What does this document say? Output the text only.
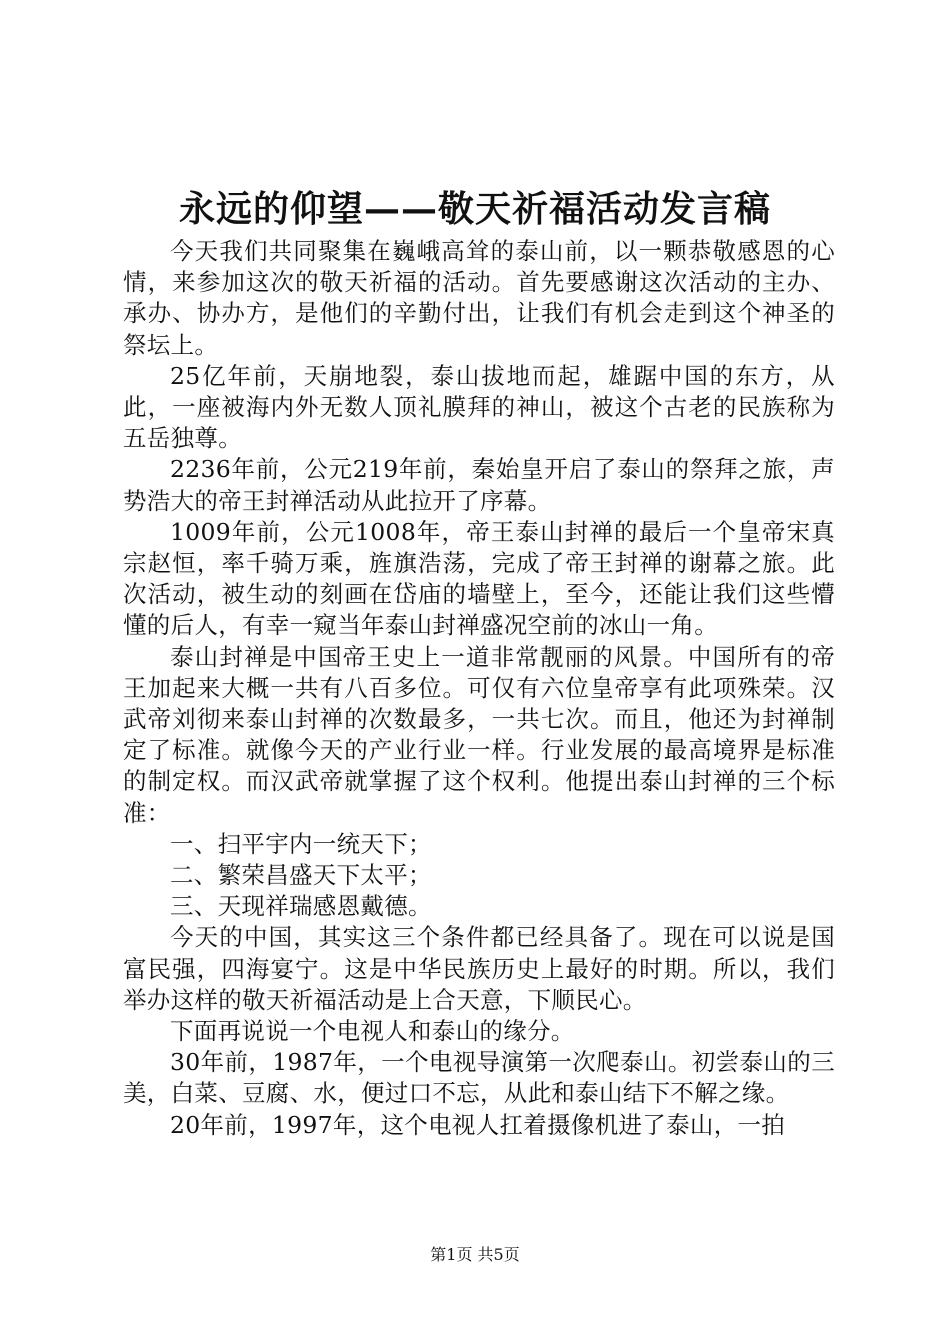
永远的仰望——敬天祈福活动发言稿

今天我们共同聚集在巍峨高耸的泰山前，以一颗恭敬感恩的心情，来参加这次的敬天祈福的活动。首先要感谢这次活动的主办、承办、协办方，是他们的辛勤付出，让我们有机会走到这个神圣的祭坛上。

25亿年前，天崩地裂，泰山拔地而起，雄踞中国的东方，从此，一座被海内外无数人顶礼膜拜的神山，被这个古老的民族称为五岳独尊。

2236年前，公元219年前，秦始皇开启了泰山的祭拜之旅，声势浩大的帝王封禅活动从此拉开了序幕。

1009年前，公元1008年，帝王泰山封禅的最后一个皇帝宋真宗赵恒，率千骑万乘，旌旗浩荡，完成了帝王封禅的谢幕之旅。此次活动，被生动的刻画在岱庙的墙壁上，至今，还能让我们这些懵懂的后人，有幸一窥当年泰山封禅盛况空前的冰山一角。

泰山封禅是中国帝王史上一道非常靓丽的风景。中国所有的帝王加起来大概一共有八百多位。可仅有六位皇帝享有此项殊荣。汉武帝刘彻来泰山封禅的次数最多，一共七次。而且，他还为封禅制定了标准。就像今天的产业行业一样。行业发展的最高境界是标准的制定权。而汉武帝就掌握了这个权利。他提出泰山封禅的三个标准：

一、扫平宇内一统天下；

二、繁荣昌盛天下太平；

三、天现祥瑞感恩戴德。

今天的中国，其实这三个条件都已经具备了。现在可以说是国富民强，四海宴宁。这是中华民族历史上最好的时期。所以，我们举办这样的敬天祈福活动是上合天意，下顺民心。

下面再说说一个电视人和泰山的缘分。

30年前，1987年，一个电视导演第一次爬泰山。初尝泰山的三美，白菜、豆腐、水，便过口不忘，从此和泰山结下不解之缘。

20年前，1997年，这个电视人扛着摄像机进了泰山，一拍

第1页 共5页
